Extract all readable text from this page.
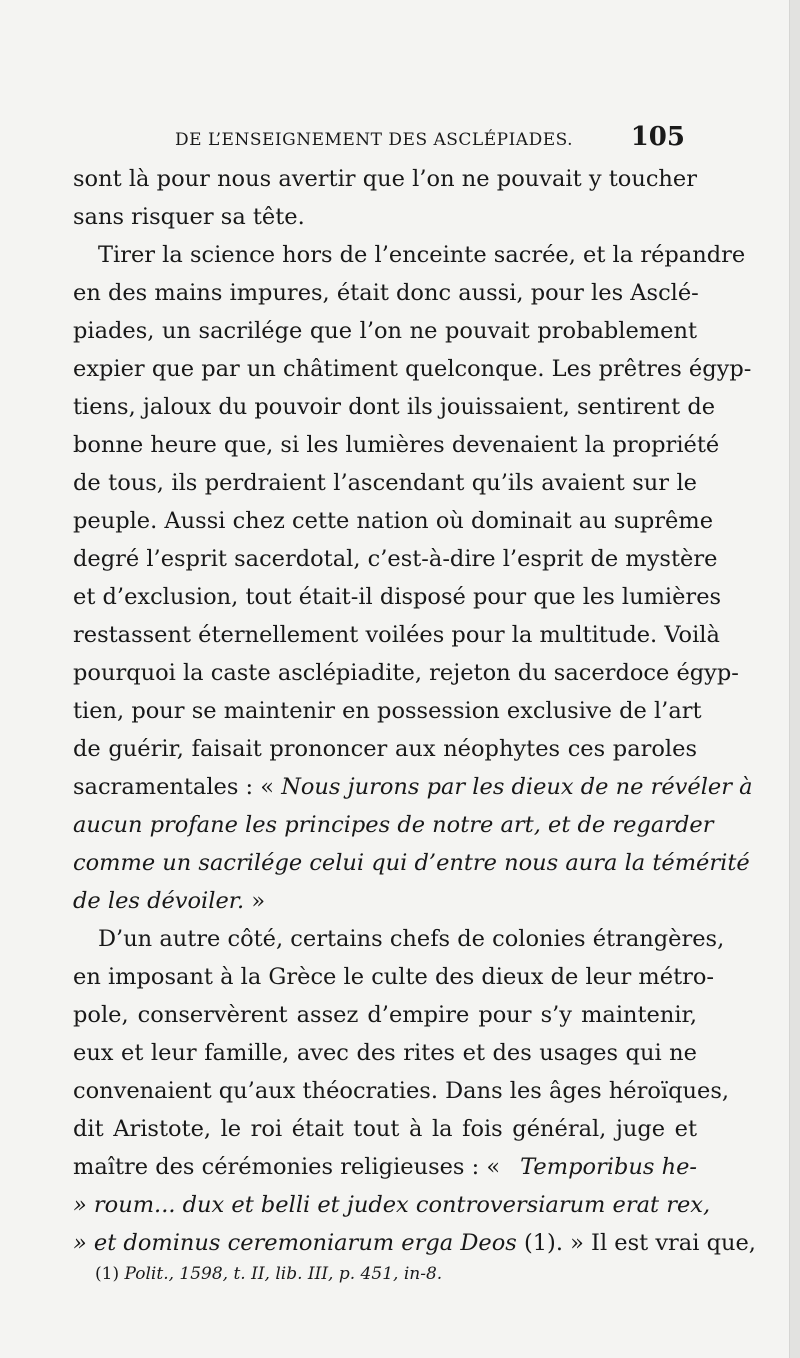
DE L’ENSEIGNEMENT DES ASCLÉPIADES. 105
sont là pour nous avertir que l’on ne pouvait y toucher
sans risquer sa tête.
Tirer la science hors de l’enceinte sacrée, et la répandre
en des mains impures, était donc aussi, pour les Asclé-
piades, un sacrilége que l’on ne pouvait probablement
expier que par un châtiment quelconque. Les prêtres égyp-
tiens, jaloux du pouvoir dont ils jouissaient, sentirent de
bonne heure que, si les lumières devenaient la propriété
de tous, ils perdraient l’ascendant qu’ils avaient sur le
peuple. Aussi chez cette nation où dominait au suprême
degré l’esprit sacerdotal, c’est-à-dire l’esprit de mystère
et d’exclusion, tout était-il disposé pour que les lumières
restassent éternellement voilées pour la multitude. Voilà
pourquoi la caste asclépiadite, rejeton du sacerdoce égyp-
tien, pour se maintenir en possession exclusive de l’art
de guérir, faisait prononcer aux néophytes ces paroles
sacramentales : « Nous jurons par les dieux de ne révéler à
aucun profane les principes de notre art, et de regarder
comme un sacrilége celui qui d’entre nous aura la témérité
de les dévoiler. »
D’un autre côté, certains chefs de colonies étrangères,
en imposant à la Grèce le culte des dieux de leur métro-
pole, conservèrent assez d’empire pour s’y maintenir,
eux et leur famille, avec des rites et des usages qui ne
convenaient qu’aux théocraties. Dans les âges héroïques,
dit Aristote, le roi était tout à la fois général, juge et
maître des cérémonies religieuses : « Temporibus he-
» roum... dux et belli et judex controversiarum erat rex,
» et dominus ceremoniarum erga Deos (1) . » Il est vrai que,
(1) Polit., 1598, t. II, lib. III, p. 451, in-8.
